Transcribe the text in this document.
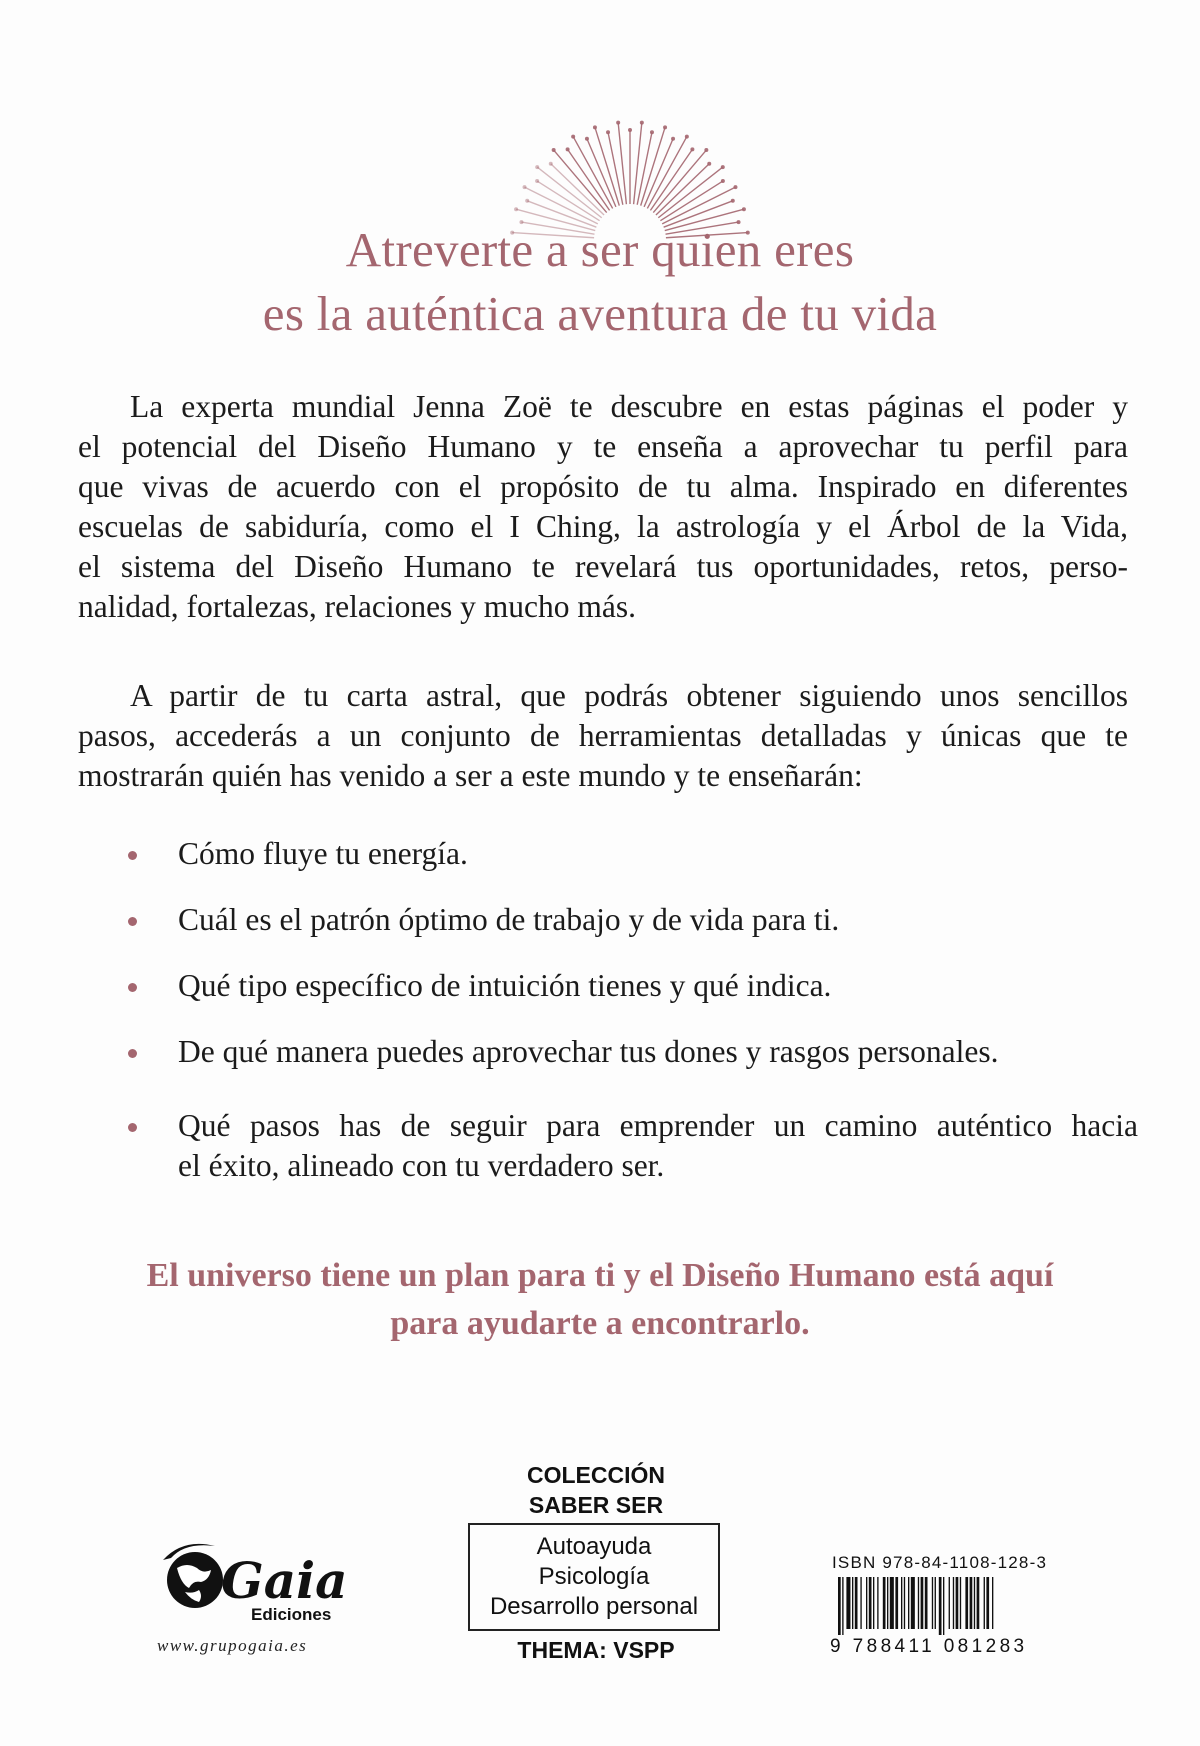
Atreverte a ser quien eres
es la auténtica aventura de tu vida
La experta mundial Jenna Zoë te descubre en estas páginas el poder y
el potencial del Diseño Humano y te enseña a aprovechar tu perfil para
que vivas de acuerdo con el propósito de tu alma. Inspirado en diferentes
escuelas de sabiduría, como el I Ching, la astrología y el Árbol de la Vida,
el sistema del Diseño Humano te revelará tus oportunidades, retos, perso-
nalidad, fortalezas, relaciones y mucho más.
A partir de tu carta astral, que podrás obtener siguiendo unos sencillos
pasos, accederás a un conjunto de herramientas detalladas y únicas que te
mostrarán quién has venido a ser a este mundo y te enseñarán:
Cómo fluye tu energía.
Cuál es el patrón óptimo de trabajo y de vida para ti.
Qué tipo específico de intuición tienes y qué indica.
De qué manera puedes aprovechar tus dones y rasgos personales.
Qué pasos has de seguir para emprender un camino auténtico hacia
el éxito, alineado con tu verdadero ser.
El universo tiene un plan para ti y el Diseño Humano está aquí
para ayudarte a encontrarlo.
Gaia
Ediciones
www.grupogaia.es
COLECCIÓN
SABER SER
Autoayuda
Psicología
Desarrollo personal
THEMA: VSPP
ISBN 978-84-1108-128-3
9 788411 081283
